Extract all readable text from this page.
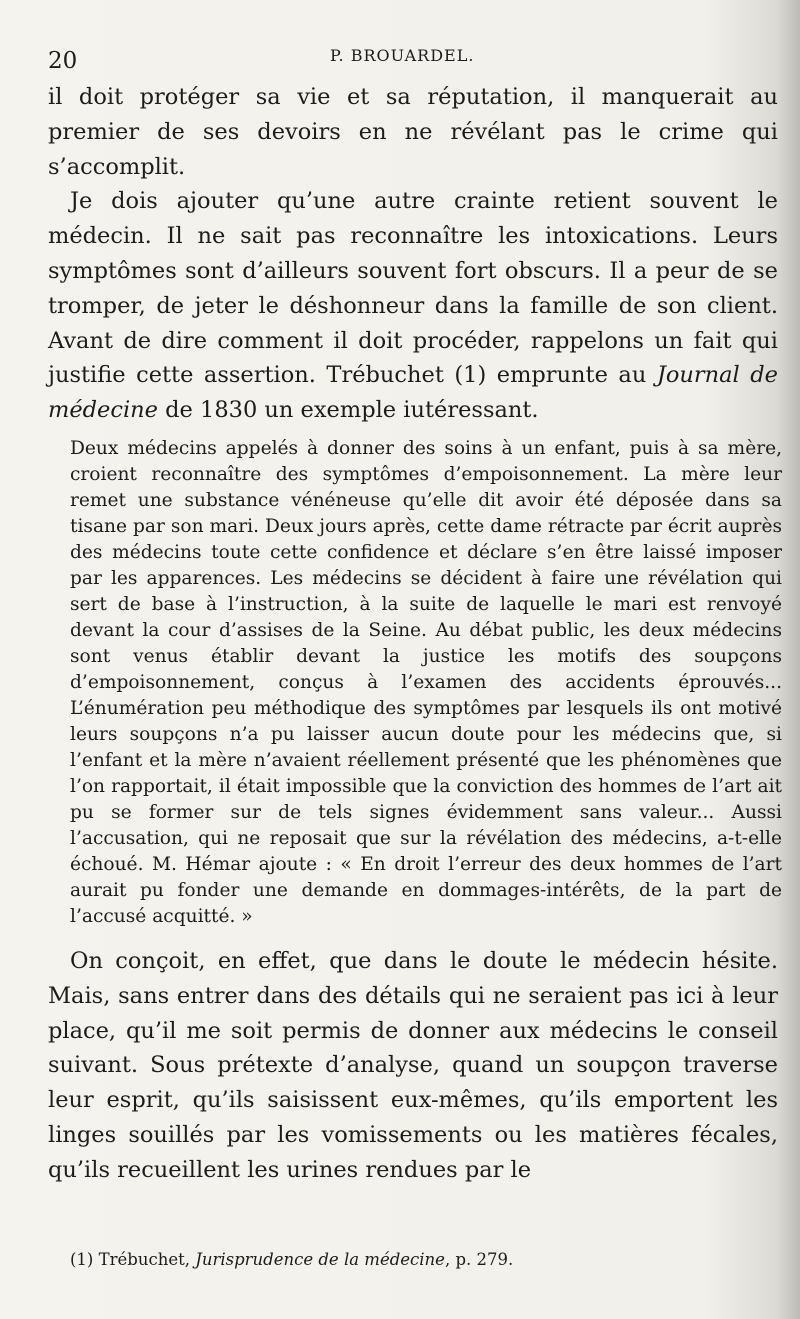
20	P. BROUARDEL.

il doit protéger sa vie et sa réputation, il manquerait au premier de ses devoirs en ne révélant pas le crime qui s’accomplit.

Je dois ajouter qu’une autre crainte retient souvent le médecin. Il ne sait pas reconnaître les intoxications. Leurs symptômes sont d’ailleurs souvent fort obscurs. Il a peur de se tromper, de jeter le déshonneur dans la famille de son client. Avant de dire comment il doit procéder, rappelons un fait qui justifie cette assertion. Trébuchet (1) emprunte au Journal de médecine de 1830 un exemple iutéressant.

Deux médecins appelés à donner des soins à un enfant, puis à sa mère, croient reconnaître des symptômes d’empoisonnement. La mère leur remet une substance vénéneuse qu’elle dit avoir été déposée dans sa tisane par son mari. Deux jours après, cette dame rétracte par écrit auprès des médecins toute cette confidence et déclare s’en être laissé imposer par les apparences. Les médecins se décident à faire une révélation qui sert de base à l’instruction, à la suite de laquelle le mari est renvoyé devant la cour d’assises de la Seine. Au débat public, les deux médecins sont venus établir devant la justice les motifs des soupçons d’empoisonnement, conçus à l’examen des accidents éprouvés... L’énumération peu méthodique des symptômes par lesquels ils ont motivé leurs soupçons n’a pu laisser aucun doute pour les médecins que, si l’enfant et la mère n’avaient réellement présenté que les phénomènes que l’on rapportait, il était impossible que la conviction des hommes de l’art ait pu se former sur de tels signes évidemment sans valeur... Aussi l’accusation, qui ne reposait que sur la révélation des médecins, a-t-elle échoué. M. Hémar ajoute : « En droit l’erreur des deux hommes de l’art aurait pu fonder une demande en dommages-intérêts, de la part de l’accusé acquitté. »

On conçoit, en effet, que dans le doute le médecin hésite. Mais, sans entrer dans des détails qui ne seraient pas ici à leur place, qu’il me soit permis de donner aux médecins le conseil suivant. Sous prétexte d’analyse, quand un soupçon traverse leur esprit, qu’ils saisissent eux-mêmes, qu’ils emportent les linges souillés par les vomissements ou les matières fécales, qu’ils recueillent les urines rendues par le

(1) Trébuchet, Jurisprudence de la médecine, p. 279.
